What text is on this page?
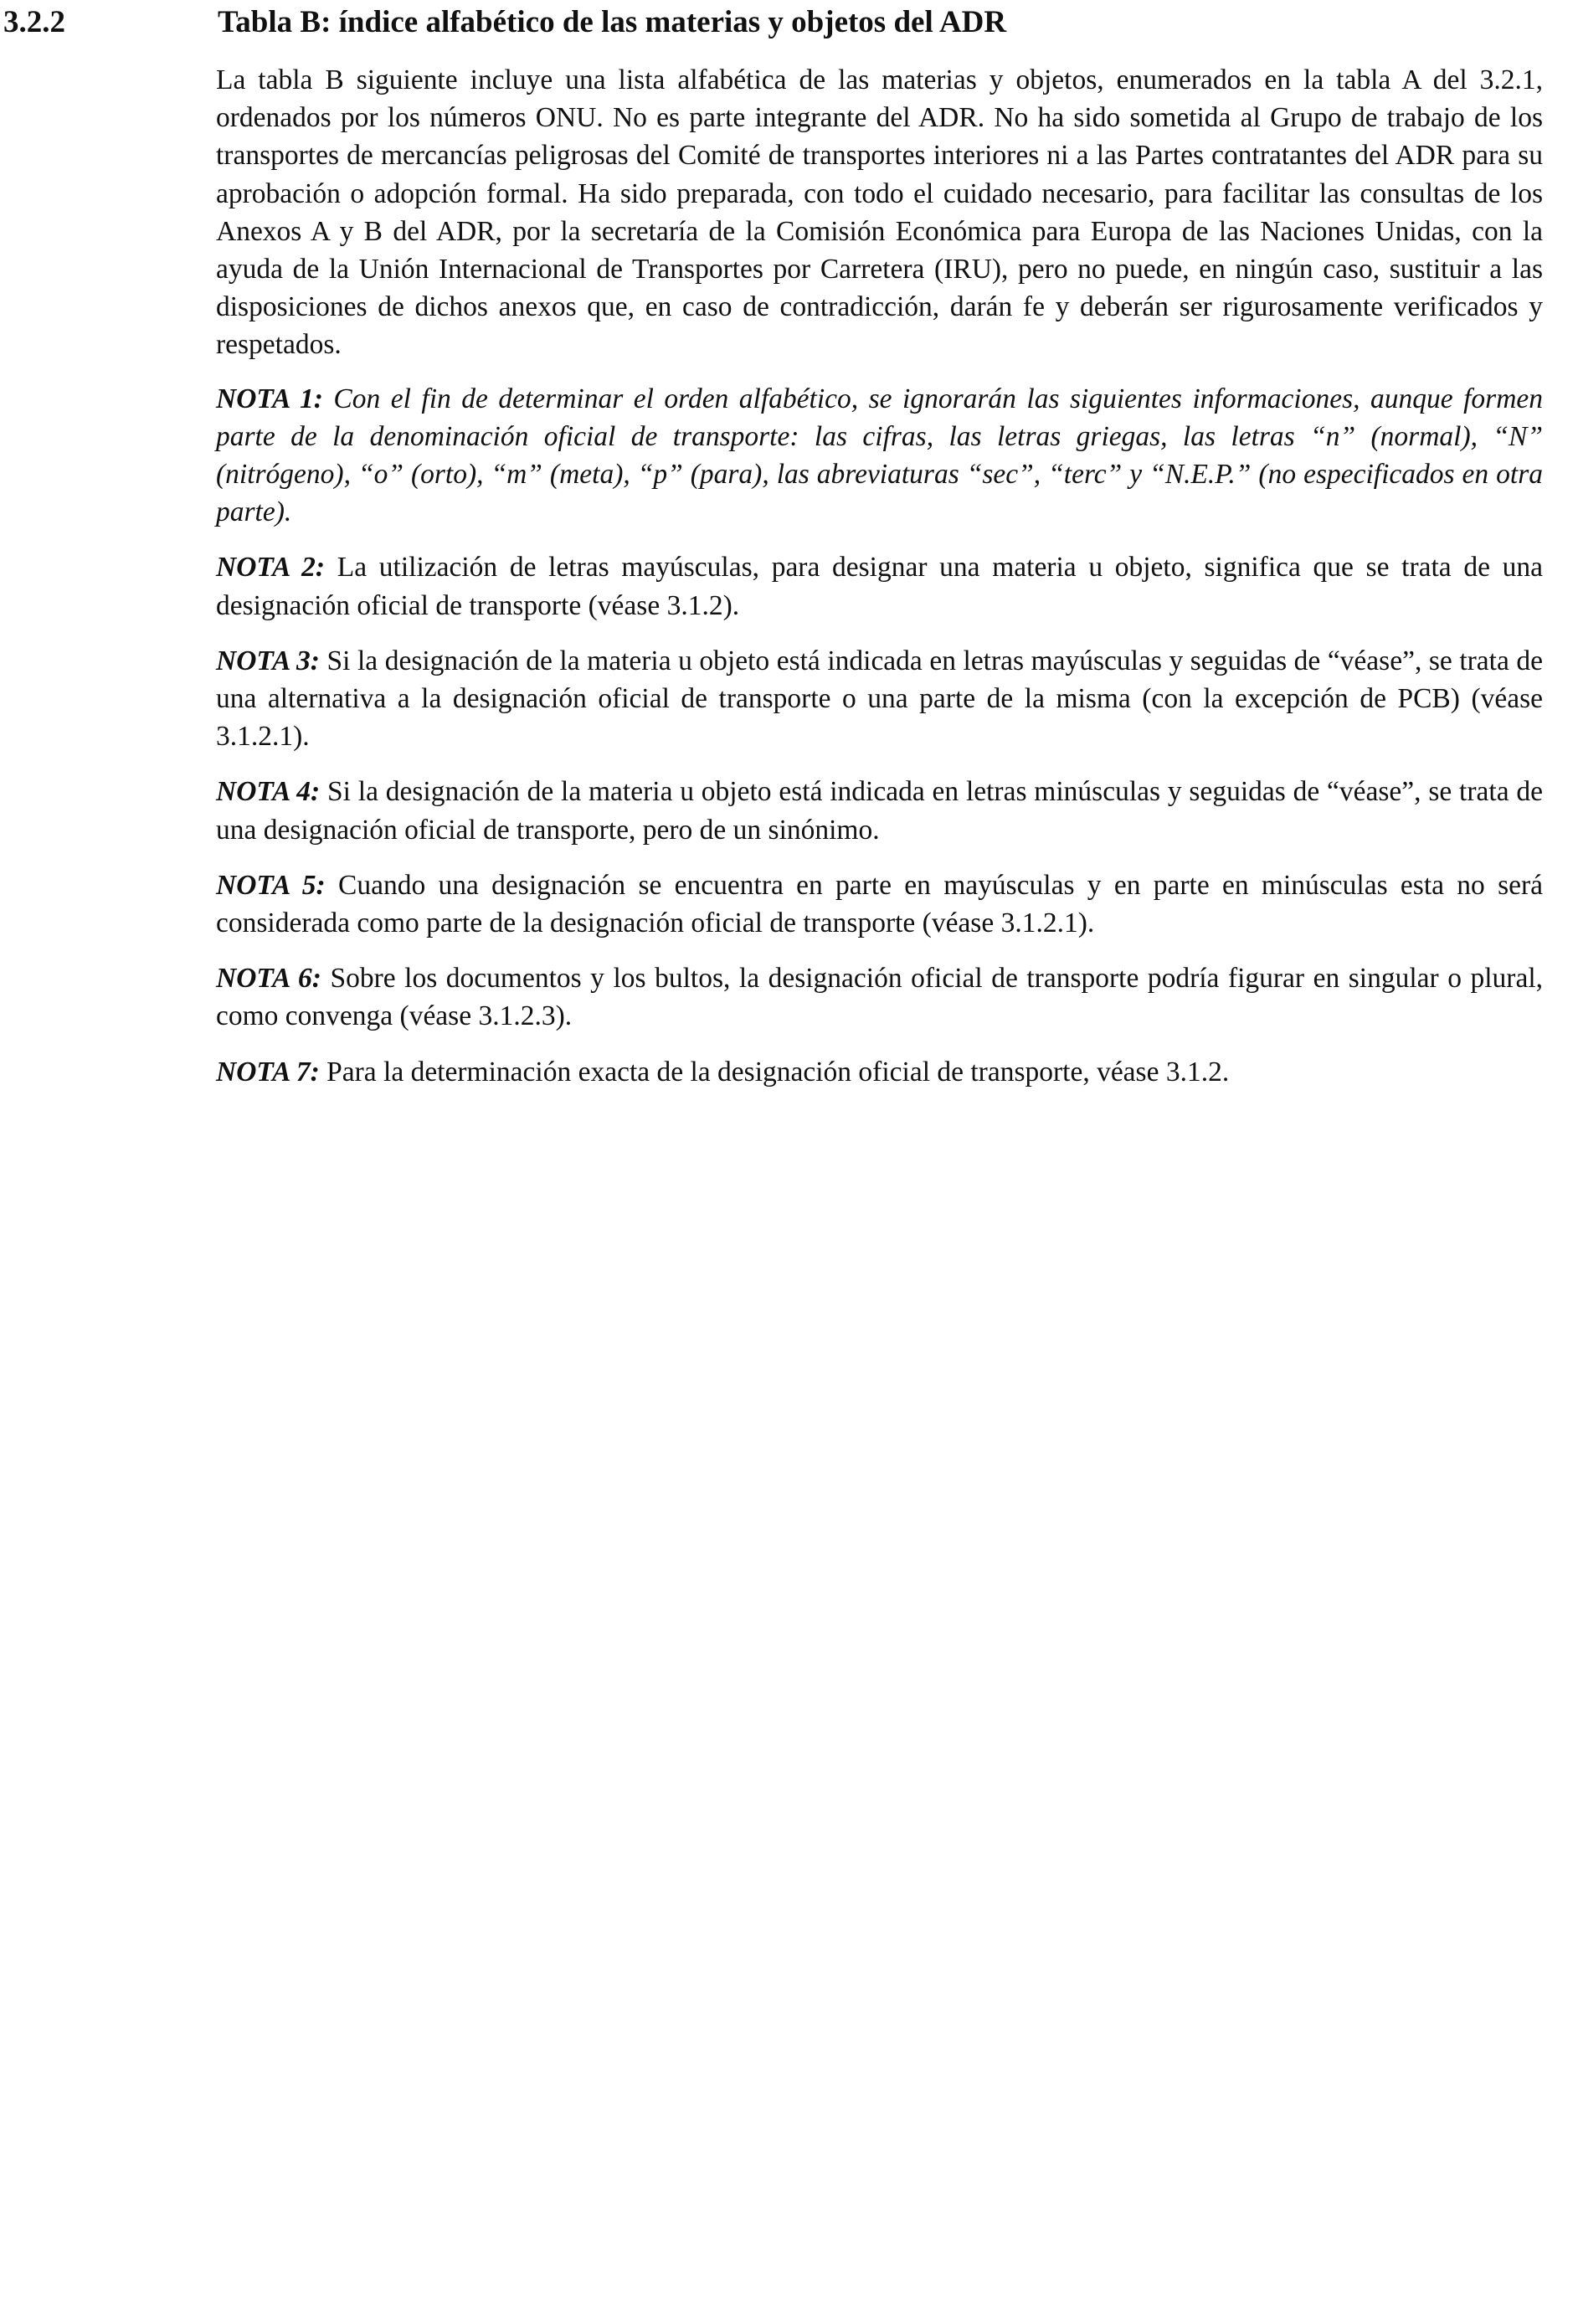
3.2.2	Tabla B: índice alfabético de las materias y objetos del ADR

La tabla B siguiente incluye una lista alfabética de las materias y objetos, enumerados en la tabla A del 3.2.1, ordenados por los números ONU. No es parte integrante del ADR. No ha sido sometida al Grupo de trabajo de los transportes de mercancías peligrosas del Comité de transportes interiores ni a las Partes contratantes del ADR para su aprobación o adopción formal. Ha sido preparada, con todo el cuidado necesario, para facilitar las consultas de los Anexos A y B del ADR, por la secretaría de la Comisión Económica para Europa de las Naciones Unidas, con la ayuda de la Unión Internacional de Transportes por Carretera (IRU), pero no puede, en ningún caso, sustituir a las disposiciones de dichos anexos que, en caso de contradicción, darán fe y deberán ser rigurosamente verificados y respetados.

NOTA 1: Con el fin de determinar el orden alfabético, se ignorarán las siguientes informaciones, aunque formen parte de la denominación oficial de transporte: las cifras, las letras griegas, las letras “n” (normal), “N” (nitrógeno), “o” (orto), “m” (meta), “p” (para), las abreviaturas “sec”, “terc” y “N.E.P.” (no especificados en otra parte).

NOTA 2: La utilización de letras mayúsculas, para designar una materia u objeto, significa que se trata de una designación oficial de transporte (véase 3.1.2).

NOTA 3: Si la designación de la materia u objeto está indicada en letras mayúsculas y seguidas de “véase”, se trata de una alternativa a la designación oficial de transporte o una parte de la misma (con la excepción de PCB) (véase 3.1.2.1).

NOTA 4: Si la designación de la materia u objeto está indicada en letras minúsculas y seguidas de “véase”, se trata de una designación oficial de transporte, pero de un sinónimo.

NOTA 5: Cuando una designación se encuentra en parte en mayúsculas y en parte en minúsculas esta no será considerada como parte de la designación oficial de transporte (véase 3.1.2.1).

NOTA 6: Sobre los documentos y los bultos, la designación oficial de transporte podría figurar en singular o plural, como convenga (véase 3.1.2.3).

NOTA 7: Para la determinación exacta de la designación oficial de transporte, véase 3.1.2.
